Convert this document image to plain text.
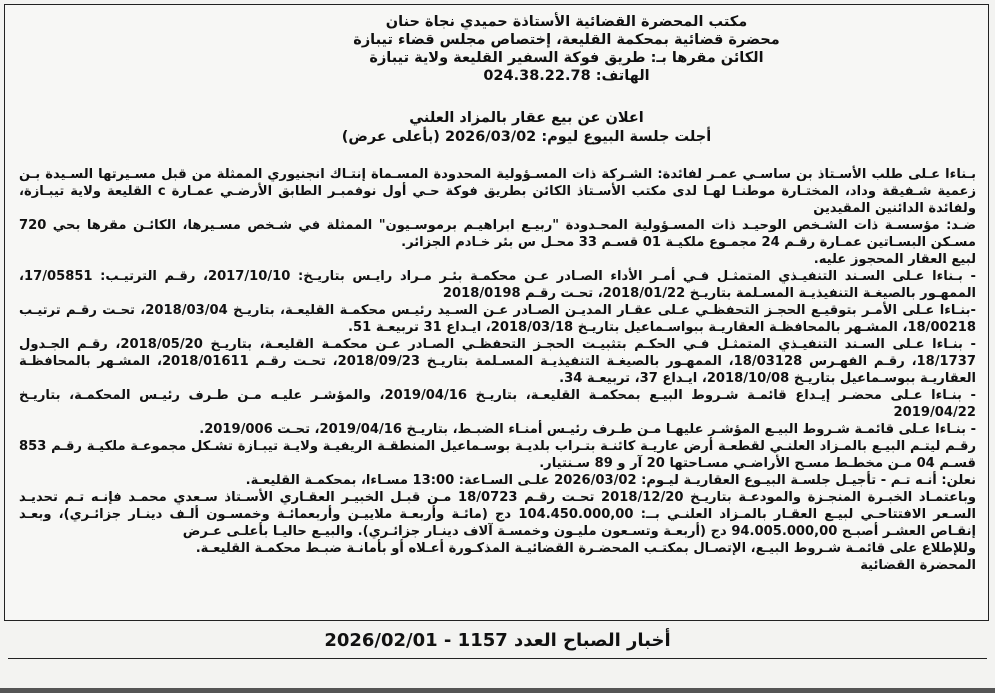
مكتب المحضرة القضائية الأستاذة حميدي نجاة حنان
محضرة قضائية بمحكمة القليعة، إختصاص مجلس قضاء تيبازة
الكائن مقرها بـ: طريق فوكة السفير القليعة ولاية تيبازة
الهاتف: 024.38.22.78
اعلان عن بيع عقار بالمزاد العلني
أجلت جلسة البيوع ليوم: 2026/03/02 (بأعلى عرض)

بـناءا عـلى طلب الأسـتاذ بن ساسـي عمـر لفائدة: الشـركة ذات المسـؤولية المحدودة المسـماة إنتـاك انجنيوري الممثلة من قبل مسـيرتها السـيدة بـن زعمية شـفيقة وداد، المختـارة موطنـا لهـا لدى مكتب الأسـتاذ الكائن بطريق فوكة حـي أول نوفمبـر الطابق الأرضـي عمـارة c القليعة ولاية تيبـازة، ولفائدة الدائنين المقيدين

ضـد: مؤسسـة ذات الشـخص الوحيـد ذات المسـؤولية المحـدودة "ربيـع ابراهيـم برموسـيون" الممثلة في شـخص مسـيرها، الكائـن مقرها بحي 720 مسـكن البسـاتين عمـارة رقـم 24 مجمـوع ملكيـة 01 قسـم 33 محـل س بئر خـادم الجزائر.

لبيع العقار المحجوز عليه.

- بـناءا عـلى السـند التنفيـذي المتمثـل فـي أمـر الأداء الصـادر عـن محكمـة بئـر مـراد رايـس بتاريـخ: 2017/10/10، رقـم الترتيـب: 17/05851، الممهـور بالصيغـة التنفيذيـة المسـلمة بتاريـخ 2018/01/22، تحـت رقـم 2018/0198

-بنـاءا عـلى الأمـر بتوقيـع الحجـز التحفظـي عـلى عقـار المديـن الصـادر عـن السـيد رئيـس محكمـة القليعـة، بتاريـخ 2018/03/04، تحـت رقـم ترتيـب 18/00218، المشـهر بالمحافظـة العقاريـة ببواسـماعيل بتاريـخ 2018/03/18، ايـداع 31 تربيعـة 51.

- بنـاءا عـلى السـند التنفيـذي المتمثـل فـي الحكـم بتثبيـت الحجـز التحفظـي الصـادر عـن محكمـة القليعـة، بتاريـخ 2018/05/20، رقـم الجـدول 18/1737، رقـم الفهـرس 18/03128، الممهـور بالصيغـة التنفيذيـة المسـلمة بتاريـخ 2018/09/23، تحـت رقـم 2018/01611، المشـهر بالمحافظـة العقاريـة ببوسـماعيل بتاريـخ 2018/10/08، ايـداع 37، تربيعـة 34.

- بنـاءا عـلى محضـر إيـداع قائمـة شـروط البيـع بمحكمـة القليعـة، بتاريـخ 2019/04/16، والمؤشـر عليـه مـن طـرف رئيـس المحكمـة، بتاريـخ 2019/04/22

- بنـاءا عـلى قائمـة شـروط البيـع المؤشـر عليهـا مـن طـرف رئيـس أمنـاء الضبـط، بتاريـخ 2019/04/16، تحـت 2019/006.

رقـم ليتـم البيـع بالمـزاد العلنـي لقطعـة أرض عاريـة كائنـة بتـراب بلديـة بوسـماعيل المنطقـة الريفيـة ولايـة تيبـازة تشـكل مجموعـة ملكيـة رقـم 853 قسـم 04 مـن مخطـط مسـح الأراضـي مسـاحتها 20 آر و 89 سـنتيار.

نعلن: أنـه تـم - تأجيـل جلسـة البيـوع العقاريـة ليـوم: 2026/03/02 علـى السـاعة: 13:00 مسـاءا، بمحكمـة القليعـة.

وباعتمـاد الخبـرة المنجـزة والمودعـة بتاريـخ 2018/12/20 تحـت رقـم 18/0723 مـن قبـل الخبيـر العقـاري الأسـتاذ سـعدي محمـد فإنـه تـم تحديـد السـعر الافتتاحـي لبيـع العقـار بالمـزاد العلنـي بــ: 104.450.000,00 دج (مائـة وأربعـة ملاييـن وأربعمائـة وخمسـون ألـف دينـار جزائـري)، وبعـد إنقـاص العشـر أصبـح 94.005.000,00 دج (أربعـة وتسـعون مليـون وخمسـة آلاف دينـار جزائـري). والبيـع حاليـا بأعلـى عـرض

وللإطلاع على قائمـة شـروط البيـع، الإتصـال بمكتـب المحضـرة القضائيـة المذكـورة أعـلاه أو بأمانـة ضبـط محكمـة القليعـة.

المحضرة القضائية

أخبار الصباح العدد 1157 - 2026/02/01
